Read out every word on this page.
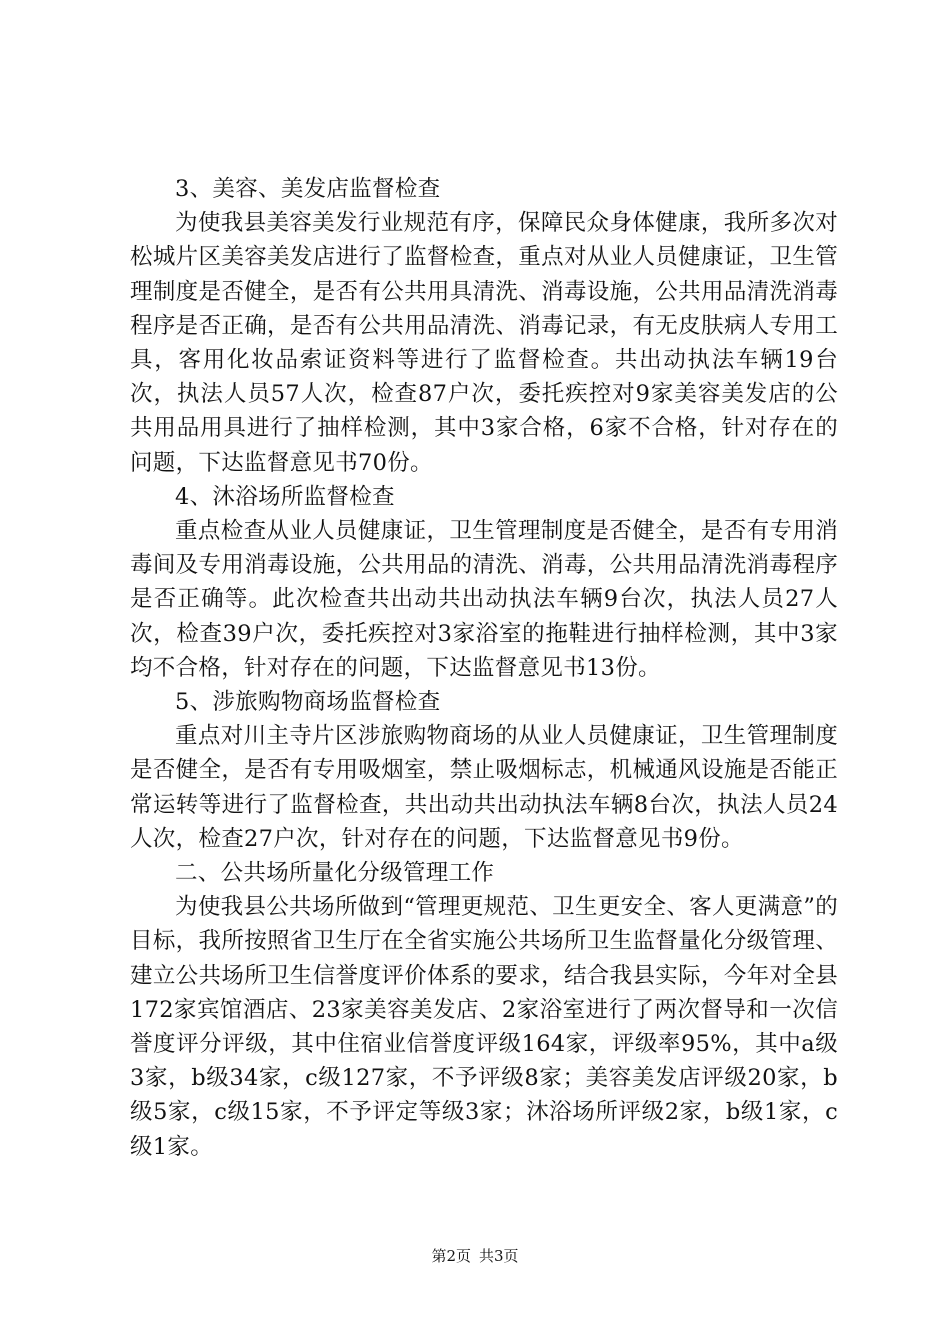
3、美容、美发店监督检查

为使我县美容美发行业规范有序，保障民众身体健康，我所多次对松城片区美容美发店进行了监督检查，重点对从业人员健康证，卫生管理制度是否健全，是否有公共用具清洗、消毒设施，公共用品清洗消毒程序是否正确，是否有公共用品清洗、消毒记录，有无皮肤病人专用工具，客用化妆品索证资料等进行了监督检查。共出动执法车辆19台次，执法人员57人次，检查87户次，委托疾控对9家美容美发店的公共用品用具进行了抽样检测，其中3家合格，6家不合格，针对存在的问题，下达监督意见书70份。

4、沐浴场所监督检查

重点检查从业人员健康证，卫生管理制度是否健全，是否有专用消毒间及专用消毒设施，公共用品的清洗、消毒，公共用品清洗消毒程序是否正确等。此次检查共出动共出动执法车辆9台次，执法人员27人次，检查39户次，委托疾控对3家浴室的拖鞋进行抽样检测，其中3家均不合格，针对存在的问题，下达监督意见书13份。

5、涉旅购物商场监督检查

重点对川主寺片区涉旅购物商场的从业人员健康证，卫生管理制度是否健全，是否有专用吸烟室，禁止吸烟标志，机械通风设施是否能正常运转等进行了监督检查，共出动共出动执法车辆8台次，执法人员24人次，检查27户次，针对存在的问题，下达监督意见书9份。

二、公共场所量化分级管理工作

为使我县公共场所做到“管理更规范、卫生更安全、客人更满意”的目标，我所按照省卫生厅在全省实施公共场所卫生监督量化分级管理、建立公共场所卫生信誉度评价体系的要求，结合我县实际，今年对全县172家宾馆酒店、23家美容美发店、2家浴室进行了两次督导和一次信誉度评分评级，其中住宿业信誉度评级164家，评级率95%，其中a级3家，b级34家，c级127家，不予评级8家；美容美发店评级20家，b级5家，c级15家，不予评定等级3家；沐浴场所评级2家，b级1家，c级1家。

第2页 共3页
